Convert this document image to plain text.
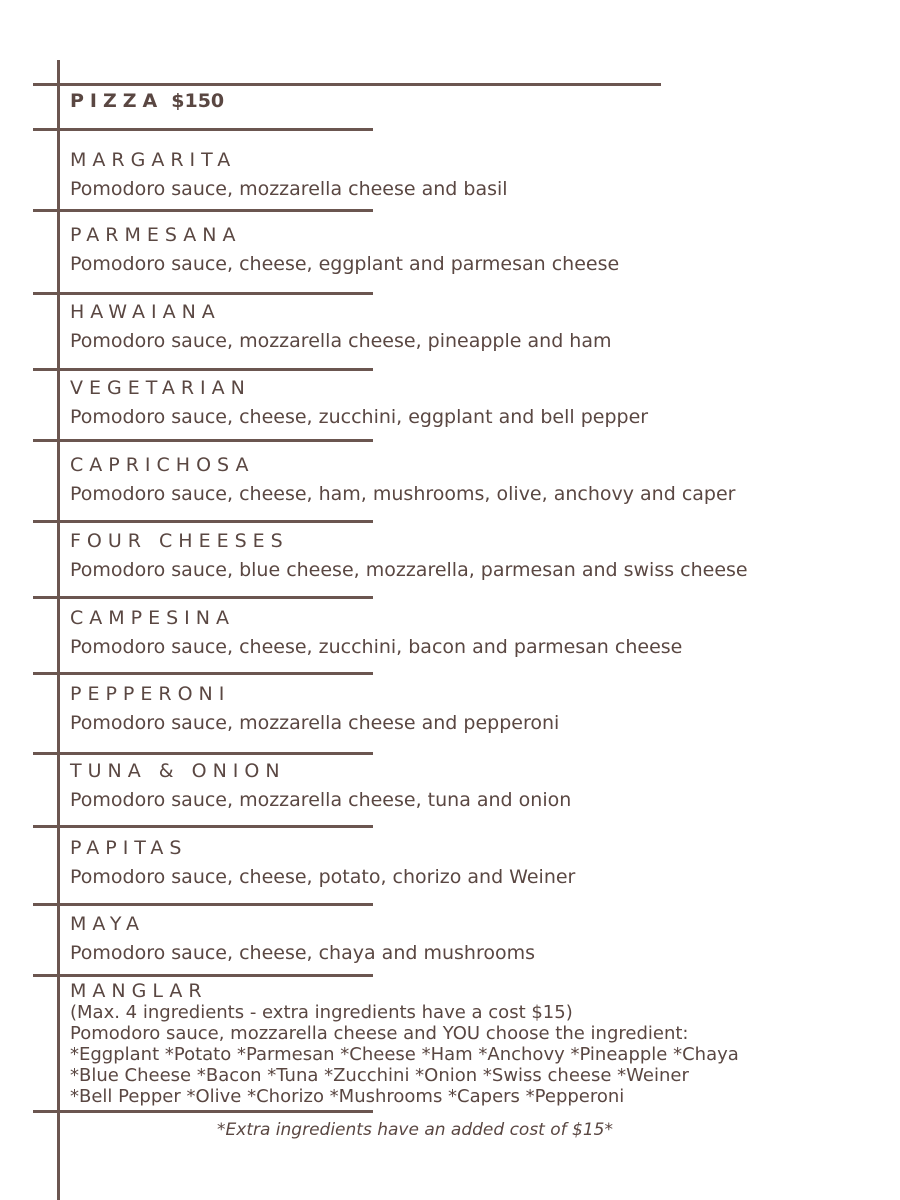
PIZZA $150
MARGARITA
Pomodoro sauce, mozzarella cheese and basil
PARMESANA
Pomodoro sauce, cheese, eggplant and parmesan cheese
HAWAIANA
Pomodoro sauce, mozzarella cheese, pineapple and ham
VEGETARIAN
Pomodoro sauce, cheese, zucchini, eggplant and bell pepper
CAPRICHOSA
Pomodoro sauce, cheese, ham, mushrooms, olive, anchovy and caper
FOUR CHEESES
Pomodoro sauce, blue cheese, mozzarella, parmesan and swiss cheese
CAMPESINA
Pomodoro sauce, cheese, zucchini, bacon and parmesan cheese
PEPPERONI
Pomodoro sauce, mozzarella cheese and pepperoni
TUNA & ONION
Pomodoro sauce, mozzarella cheese, tuna and onion
PAPITAS
Pomodoro sauce, cheese, potato, chorizo and Weiner
MAYA
Pomodoro sauce, cheese, chaya and mushrooms
MANGLAR
(Max. 4 ingredients - extra ingredients have a cost $15)
Pomodoro sauce, mozzarella cheese and YOU choose the ingredient:
*Eggplant *Potato *Parmesan *Cheese *Ham *Anchovy *Pineapple *Chaya
*Blue Cheese *Bacon *Tuna *Zucchini *Onion *Swiss cheese *Weiner
*Bell Pepper *Olive *Chorizo *Mushrooms *Capers *Pepperoni
*Extra ingredients have an added cost of $15*
